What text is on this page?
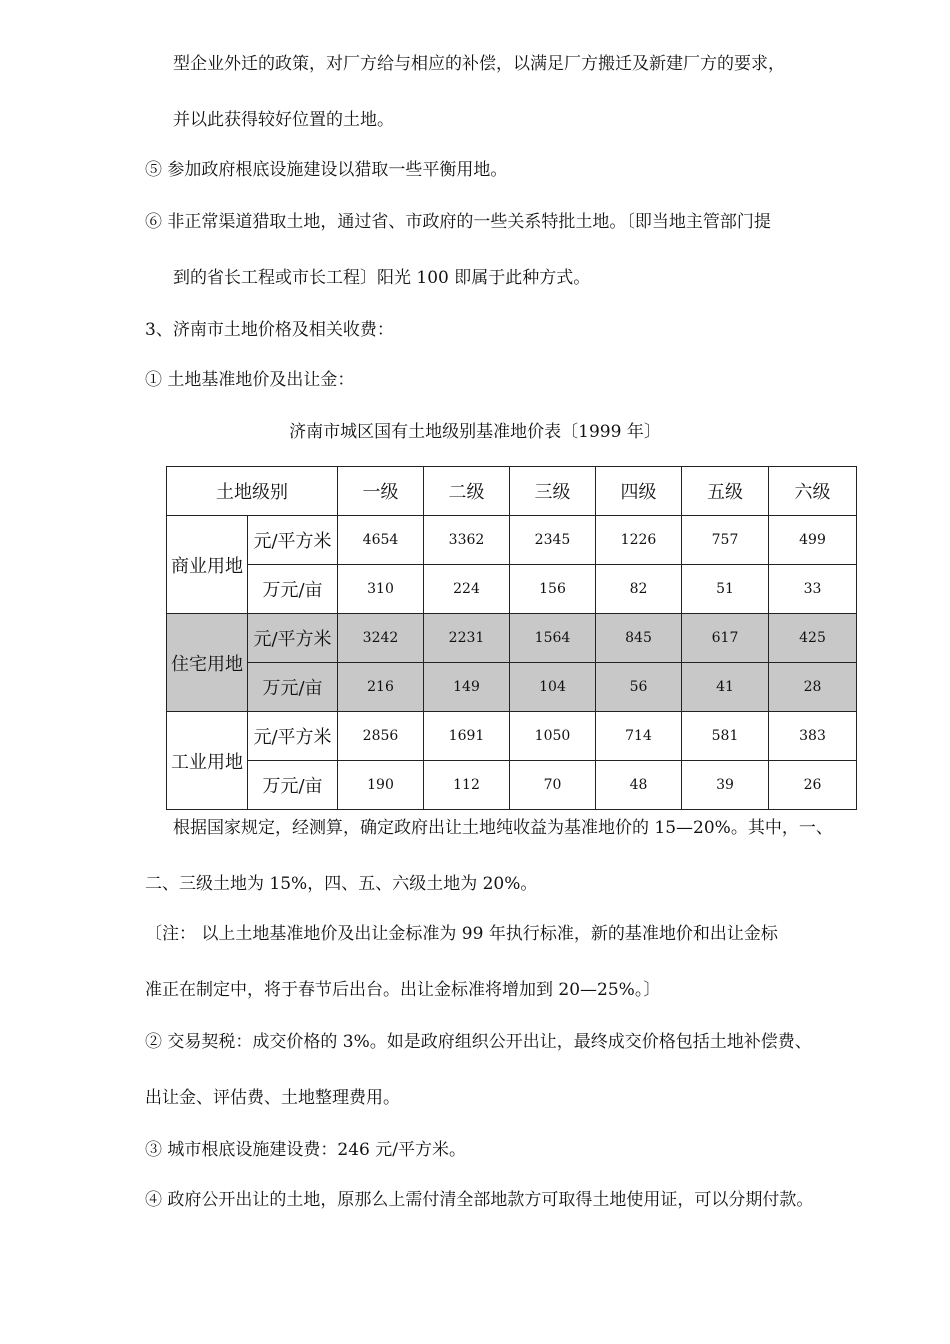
型企业外迁的政策，对厂方给与相应的补偿，以满足厂方搬迁及新建厂方的要求，
并以此获得较好位置的土地。
⑤ 参加政府根底设施建设以猎取一些平衡用地。
⑥ 非正常渠道猎取土地，通过省、市政府的一些关系特批土地。〔即当地主管部门提
到的省长工程或市长工程〕阳光 100 即属于此种方式。
3、济南市土地价格及相关收费：
① 土地基准地价及出让金：
济南市城区国有土地级别基准地价表〔1999 年〕
土地级别		一级	二级	三级	四级	五级	六级
商业用地	元/平方米	4654	3362	2345	1226	757	499
	万元/亩	310	224	156	82	51	33
住宅用地	元/平方米	3242	2231	1564	845	617	425
	万元/亩	216	149	104	56	41	28
工业用地	元/平方米	2856	1691	1050	714	581	383
	万元/亩	190	112	70	48	39	26
根据国家规定，经测算，确定政府出让土地纯收益为基准地价的 15—20%。其中，一、
二、三级土地为 15%，四、五、六级土地为 20%。
〔注： 以上土地基准地价及出让金标准为 99 年执行标准，新的基准地价和出让金标
准正在制定中，将于春节后出台。出让金标准将增加到 20—25%。〕
② 交易契税：成交价格的 3%。如是政府组织公开出让，最终成交价格包括土地补偿费、
出让金、评估费、土地整理费用。
③ 城市根底设施建设费：246 元/平方米。
④ 政府公开出让的土地，原那么上需付清全部地款方可取得土地使用证，可以分期付款。
